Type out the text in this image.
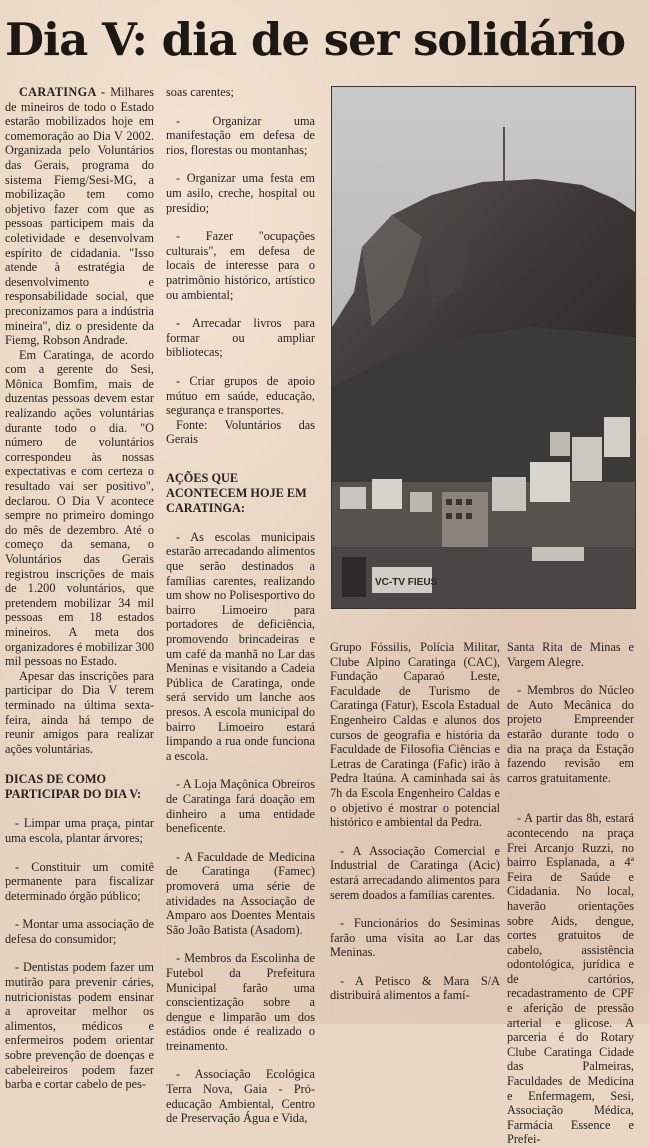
Dia V: dia de ser solidário

CARATINGA - Milhares de mineiros de todo o Estado estarão mobilizados hoje em comemoração ao Dia V 2002. Organizada pelo Voluntários das Gerais, programa do sistema Fiemg/Sesi-MG, a mobilização tem como objetivo fazer com que as pessoas participem mais da coletividade e desenvolvam espírito de cidadania. "Isso atende à estratégia de desenvolvimento e responsabilidade social, que preconizamos para a indústria mineira", diz o presidente da Fiemg, Robson Andrade.

Em Caratinga, de acordo com a gerente do Sesi, Mônica Bomfim, mais de duzentas pessoas devem estar realizando ações voluntárias durante todo o dia. "O número de voluntários correspondeu às nossas expectativas e com certeza o resultado vai ser positivo", declarou. O Dia V acontece sempre no primeiro domingo do mês de dezembro. Até o começo da semana, o Voluntários das Gerais registrou inscrições de mais de 1.200 voluntários, que pretendem mobilizar 34 mil pessoas em 18 estados mineiros. A meta dos organizadores é mobilizar 300 mil pessoas no Estado.

Apesar das inscrições para participar do Dia V terem terminado na última sexta-feira, ainda há tempo de reunir amigos para realizar ações voluntárias.

DICAS DE COMO PARTICIPAR DO DIA V:

- Limpar uma praça, pintar uma escola, plantar árvores;

- Constituir um comitê permanente para fiscalizar determinado órgão público;

- Montar uma associação de defesa do consumidor;

- Dentistas podem fazer um mutirão para prevenir cáries, nutricionistas podem ensinar a aproveitar melhor os alimentos, médicos e enfermeiros podem orientar sobre prevenção de doenças e cabeleireiros podem fazer barba e cortar cabelo de pes-

soas carentes;

- Organizar uma manifestação em defesa de rios, florestas ou montanhas;

- Organizar uma festa em um asilo, creche, hospital ou presídio;

- Fazer "ocupações culturais", em defesa de locais de interesse para o patrimônio histórico, artístico ou ambiental;

- Arrecadar livros para formar ou ampliar bibliotecas;

- Criar grupos de apoio mútuo em saúde, educação, segurança e transportes.

Fonte: Voluntários das Gerais

AÇÕES QUE ACONTECEM HOJE EM CARATINGA:

- As escolas municipais estarão arrecadando alimentos que serão destinados a famílias carentes, realizando um show no Polisesportivo do bairro Limoeiro para portadores de deficiência, promovendo brincadeiras e um café da manhã no Lar das Meninas e visitando a Cadeia Pública de Caratinga, onde será servido um lanche aos presos. A escola municipal do bairro Limoeiro estará limpando a rua onde funciona a escola.

- A Loja Maçônica Obreiros de Caratinga fará doação em dinheiro a uma entidade beneficente.

- A Faculdade de Medicina de Caratinga (Famec) promoverá uma série de atividades na Associação de Amparo aos Doentes Mentais São João Batista (Asadom).

- Membros da Escolinha de Futebol da Prefeitura Municipal farão uma conscientização sobre a dengue e limparão um dos estádios onde é realizado o treinamento.

- Associação Ecológica Terra Nova, Gaia - Pró-educação Ambiental, Centro de Preservação Água e Vida,

VC-TV FIEUS

Grupo Fóssilis, Polícia Militar, Clube Alpino Caratinga (CAC), Fundação Caparaó Leste, Faculdade de Turismo de Caratinga (Fatur), Escola Estadual Engenheiro Caldas e alunos dos cursos de geografia e história da Faculdade de Filosofia Ciências e Letras de Caratinga (Fafic) irão à Pedra Itaúna. A caminhada sai às 7h da Escola Engenheiro Caldas e o objetivo é mostrar o potencial histórico e ambiental da Pedra.

- A Associação Comercial e Industrial de Caratinga (Acic) estará arrecadando alimentos para serem doados a famílias carentes.

- Funcionários do Sesiminas farão uma visita ao Lar das Meninas.

- A Petisco & Mara S/A distribuirá alimentos a famí-

Santa Rita de Minas e Vargem Alegre.

- Membros do Núcleo de Auto Mecânica do projeto Empreender estarão durante todo o dia na praça da Estação fazendo revisão em carros gratuitamente.

- A partir das 8h, estará acontecendo na praça Frei Arcanjo Ruzzi, no bairro Esplanada, a 4ª Feira de Saúde e Cidadania. No local, haverão orientações sobre Aids, dengue, cortes gratuitos de cabelo, assistência odontológica, jurídica e de cartórios, recadastramento de CPF e aferição de pressão arterial e glicose. A parceria é do Rotary Clube Caratinga Cidade das Palmeiras, Faculdades de Medicina e Enfermagem, Sesi, Associação Médica, Farmácia Essence e Prefei-
